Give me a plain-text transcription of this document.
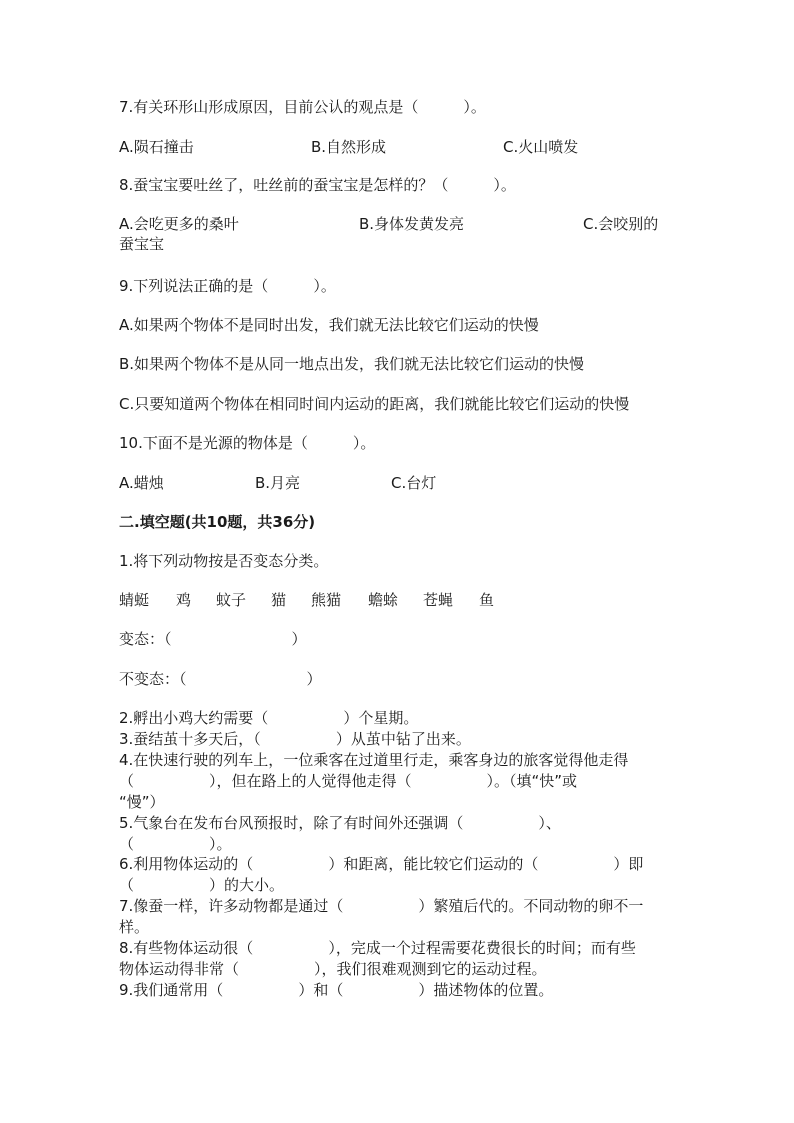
7.有关环形山形成原因，目前公认的观点是（　　　）。
A.陨石撞击	B.自然形成	C.火山喷发
8.蚕宝宝要吐丝了，吐丝前的蚕宝宝是怎样的？（　　　）。
A.会吃更多的桑叶	B.身体发黄发亮	C.会咬别的
蚕宝宝
9.下列说法正确的是（　　　）。
A.如果两个物体不是同时出发，我们就无法比较它们运动的快慢
B.如果两个物体不是从同一地点出发，我们就无法比较它们运动的快慢
C.只要知道两个物体在相同时间内运动的距离，我们就能比较它们运动的快慢
10.下面不是光源的物体是（　　　）。
A.蜡烛	B.月亮	C.台灯
二.填空题(共10题，共36分)
1.将下列动物按是否变态分类。
蜻蜓 鸡 蚊子 猫 熊猫 蟾蜍 苍蝇 鱼
变态：（　　　　　　　　）
不变态：（　　　　　　　　）
2.孵出小鸡大约需要（　　　　　）个星期。
3.蚕结茧十多天后，（　　　　　）从茧中钻了出来。
4.在快速行驶的列车上，一位乘客在过道里行走，乘客身边的旅客觉得他走得
（　　　　　），但在路上的人觉得他走得（　　　　　）。（填“快”或
“慢”）
5.气象台在发布台风预报时，除了有时间外还强调（　　　　　）、
（　　　　　）。
6.利用物体运动的（　　　　　）和距离，能比较它们运动的（　　　　　）即
（　　　　　）的大小。
7.像蚕一样，许多动物都是通过（　　　　　）繁殖后代的。不同动物的卵不一
样。
8.有些物体运动很（　　　　　），完成一个过程需要花费很长的时间；而有些
物体运动得非常（　　　　　），我们很难观测到它的运动过程。
9.我们通常用（　　　　　）和（　　　　　）描述物体的位置。
